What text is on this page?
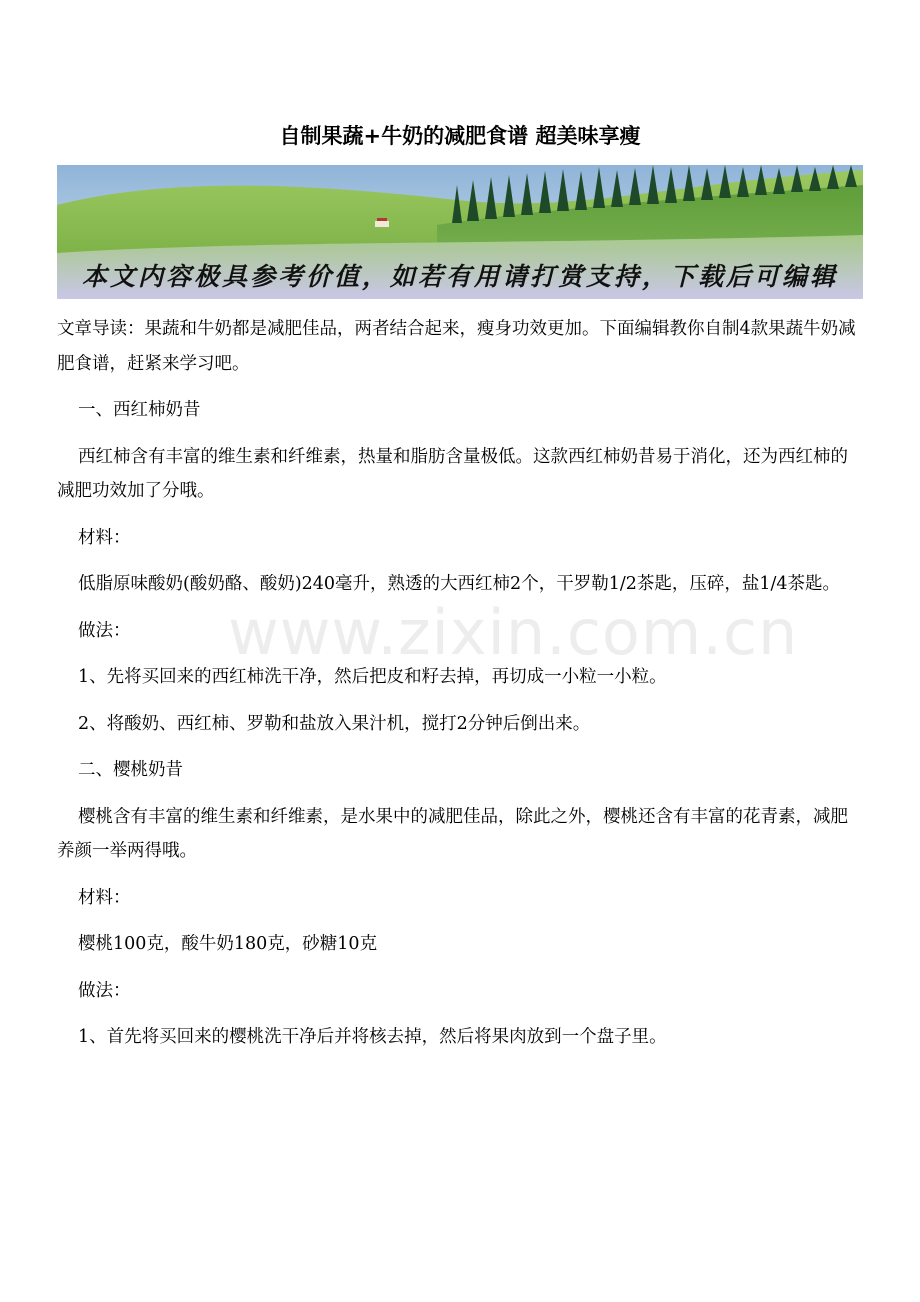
自制果蔬+牛奶的减肥食谱 超美味享瘦
本文内容极具参考价值，如若有用请打赏支持，下载后可编辑
www.zixin.com.cn

文章导读：果蔬和牛奶都是减肥佳品，两者结合起来，瘦身功效更加。下面编辑教你自制4款果蔬牛奶减肥食谱，赶紧来学习吧。

一、西红柿奶昔

西红柿含有丰富的维生素和纤维素，热量和脂肪含量极低。这款西红柿奶昔易于消化，还为西红柿的减肥功效加了分哦。

材料：

低脂原味酸奶(酸奶酪、酸奶)240毫升，熟透的大西红柿2个，干罗勒1/2茶匙，压碎，盐1/4茶匙。

做法：

1、先将买回来的西红柿洗干净，然后把皮和籽去掉，再切成一小粒一小粒。

2、将酸奶、西红柿、罗勒和盐放入果汁机，搅打2分钟后倒出来。

二、樱桃奶昔

樱桃含有丰富的维生素和纤维素，是水果中的减肥佳品，除此之外，樱桃还含有丰富的花青素，减肥养颜一举两得哦。

材料：

樱桃100克，酸牛奶180克，砂糖10克

做法：

1、首先将买回来的樱桃洗干净后并将核去掉，然后将果肉放到一个盘子里。
